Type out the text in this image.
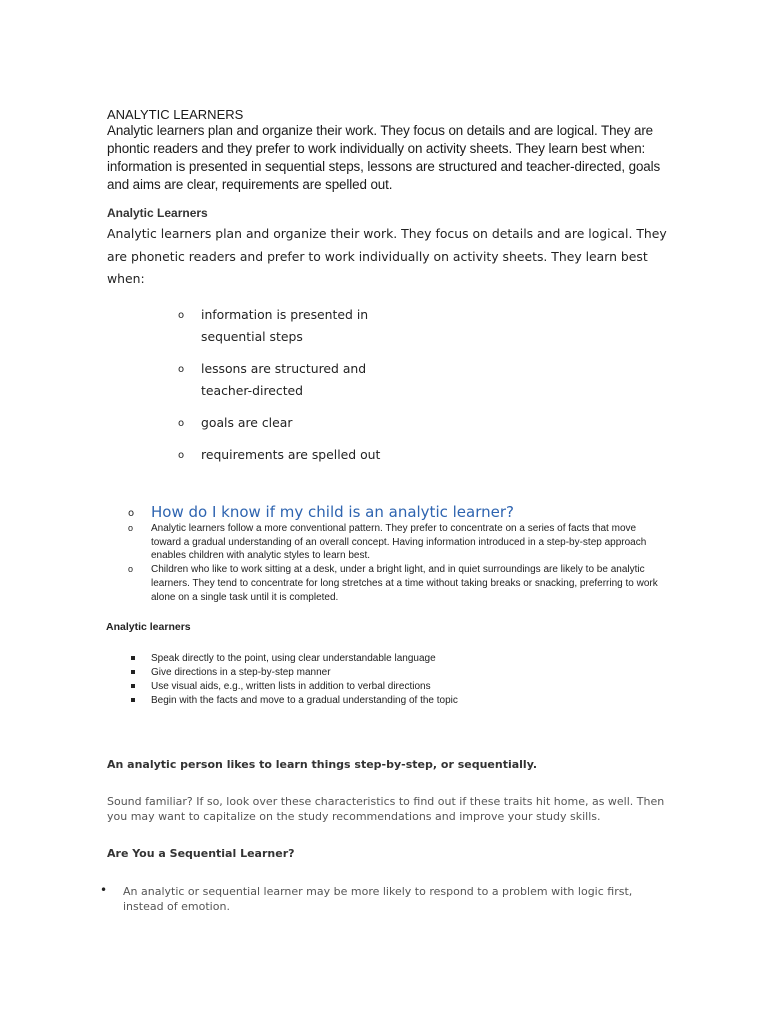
ANALYTIC LEARNERS
Analytic learners plan and organize their work. They focus on details and are logical. They are phontic readers and they prefer to work individually on activity sheets. They learn best when: information is presented in sequential steps, lessons are structured and teacher-directed, goals and aims are clear, requirements are spelled out.
Analytic Learners
Analytic learners plan and organize their work. They focus on details and are logical. They are phonetic readers and prefer to work individually on activity sheets. They learn best when:
o information is presented in sequential steps
o lessons are structured and teacher-directed
o goals are clear
o requirements are spelled out
o How do I know if my child is an analytic learner?
o Analytic learners follow a more conventional pattern. They prefer to concentrate on a series of facts that move toward a gradual understanding of an overall concept. Having information introduced in a step-by-step approach enables children with analytic styles to learn best.
o Children who like to work sitting at a desk, under a bright light, and in quiet surroundings are likely to be analytic learners. They tend to concentrate for long stretches at a time without taking breaks or snacking, preferring to work alone on a single task until it is completed.
Analytic learners
Speak directly to the point, using clear understandable language
Give directions in a step-by-step manner
Use visual aids, e.g., written lists in addition to verbal directions
Begin with the facts and move to a gradual understanding of the topic
An analytic person likes to learn things step-by-step, or sequentially.
Sound familiar? If so, look over these characteristics to find out if these traits hit home, as well. Then you may want to capitalize on the study recommendations and improve your study skills.
Are You a Sequential Learner?
• An analytic or sequential learner may be more likely to respond to a problem with logic first, instead of emotion.
